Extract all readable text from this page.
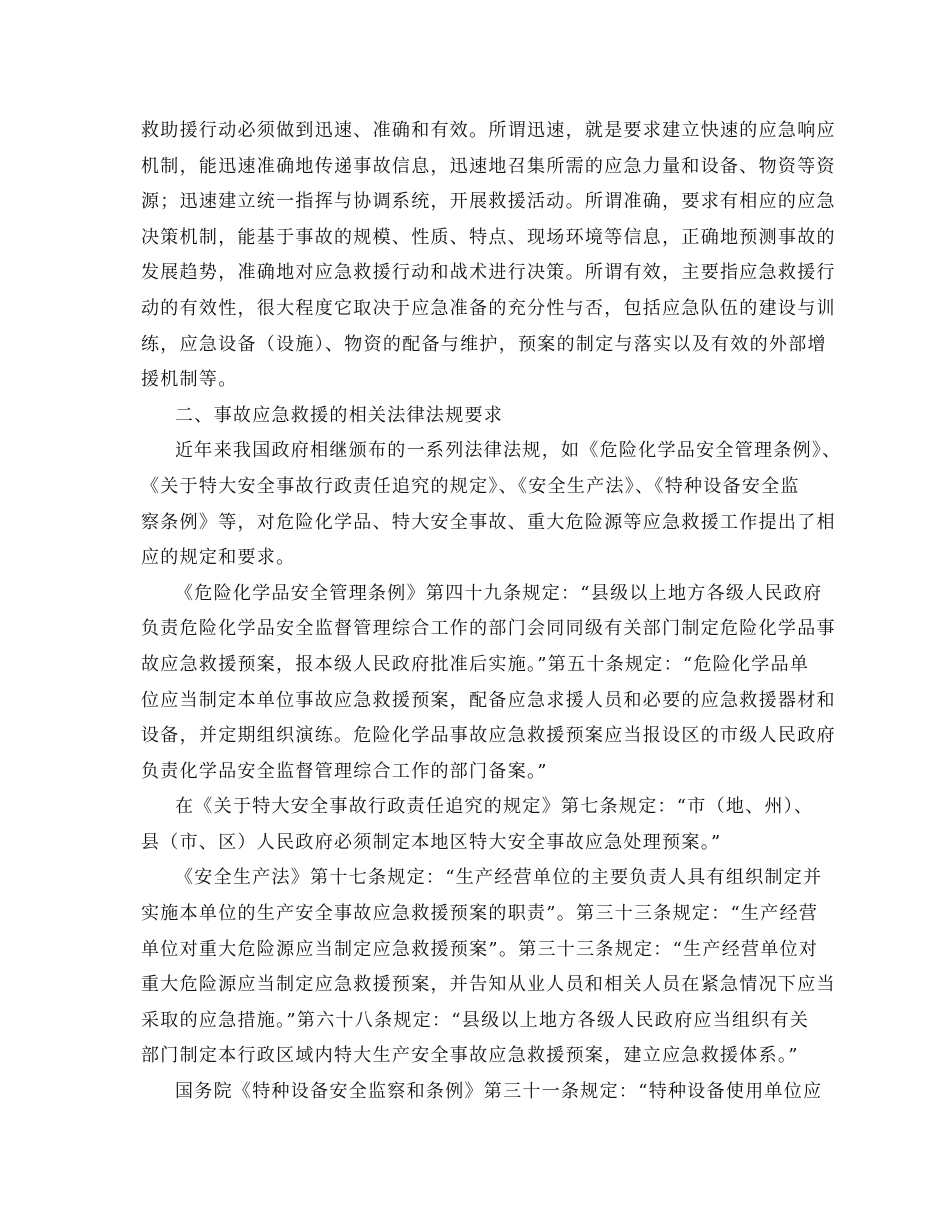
救助援行动必须做到迅速、准确和有效。所谓迅速，就是要求建立快速的应急响应
机制，能迅速准确地传递事故信息，迅速地召集所需的应急力量和设备、物资等资
源；迅速建立统一指挥与协调系统，开展救援活动。所谓准确，要求有相应的应急
决策机制，能基于事故的规模、性质、特点、现场环境等信息，正确地预测事故的
发展趋势，准确地对应急救援行动和战术进行决策。所谓有效，主要指应急救援行
动的有效性，很大程度它取决于应急准备的充分性与否，包括应急队伍的建设与训
练，应急设备（设施）、物资的配备与维护，预案的制定与落实以及有效的外部增
援机制等。
二、事故应急救援的相关法律法规要求
近年来我国政府相继颁布的一系列法律法规，如《危险化学品安全管理条例》、
《关于特大安全事故行政责任追究的规定》、《安全生产法》、《特种设备安全监
察条例》等，对危险化学品、特大安全事故、重大危险源等应急救援工作提出了相
应的规定和要求。
《危险化学品安全管理条例》第四十九条规定：“县级以上地方各级人民政府
负责危险化学品安全监督管理综合工作的部门会同同级有关部门制定危险化学品事
故应急救援预案，报本级人民政府批准后实施。”第五十条规定：“危险化学品单
位应当制定本单位事故应急救援预案，配备应急求援人员和必要的应急救援器材和
设备，并定期组织演练。危险化学品事故应急救援预案应当报设区的市级人民政府
负责化学品安全监督管理综合工作的部门备案。”
在《关于特大安全事故行政责任追究的规定》第七条规定：“市（地、州）、
县（市、区）人民政府必须制定本地区特大安全事故应急处理预案。”
《安全生产法》第十七条规定：“生产经营单位的主要负责人具有组织制定并
实施本单位的生产安全事故应急救援预案的职责”。第三十三条规定：“生产经营
单位对重大危险源应当制定应急救援预案”。第三十三条规定：“生产经营单位对
重大危险源应当制定应急救援预案，并告知从业人员和相关人员在紧急情况下应当
采取的应急措施。”第六十八条规定：“县级以上地方各级人民政府应当组织有关
部门制定本行政区域内特大生产安全事故应急救援预案，建立应急救援体系。”
国务院《特种设备安全监察和条例》第三十一条规定：“特种设备使用单位应
